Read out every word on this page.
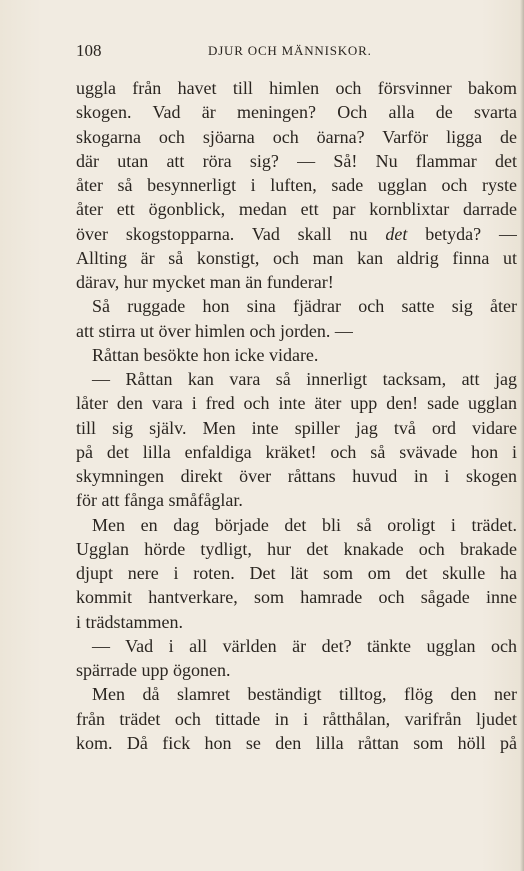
108	DJUR OCH MÄNNISKOR.
uggla från havet till himlen och försvinner bakom
skogen. Vad är meningen? Och alla de svarta
skogarna och sjöarna och öarna? Varför ligga de
där utan att röra sig? — Så! Nu flammar det
åter så besynnerligt i luften, sade ugglan och ryste
åter ett ögonblick, medan ett par kornblixtar darrade
över skogstopparna. Vad skall nu det betyda? —
Allting är så konstigt, och man kan aldrig finna ut
därav, hur mycket man än funderar!
Så ruggade hon sina fjädrar och satte sig åter
att stirra ut över himlen och jorden. —
Råttan besökte hon icke vidare.
— Råttan kan vara så innerligt tacksam, att jag
låter den vara i fred och inte äter upp den! sade ugglan
till sig själv. Men inte spiller jag två ord vidare
på det lilla enfaldiga kräket! och så svävade hon i
skymningen direkt över råttans huvud in i skogen
för att fånga småfåglar.
Men en dag började det bli så oroligt i trädet.
Ugglan hörde tydligt, hur det knakade och brakade
djupt nere i roten. Det lät som om det skulle ha
kommit hantverkare, som hamrade och sågade inne
i trädstammen.
— Vad i all världen är det? tänkte ugglan och
spärrade upp ögonen.
Men då slamret beständigt tilltog, flög den ner
från trädet och tittade in i råtthålan, varifrån ljudet
kom. Då fick hon se den lilla råttan som höll på
